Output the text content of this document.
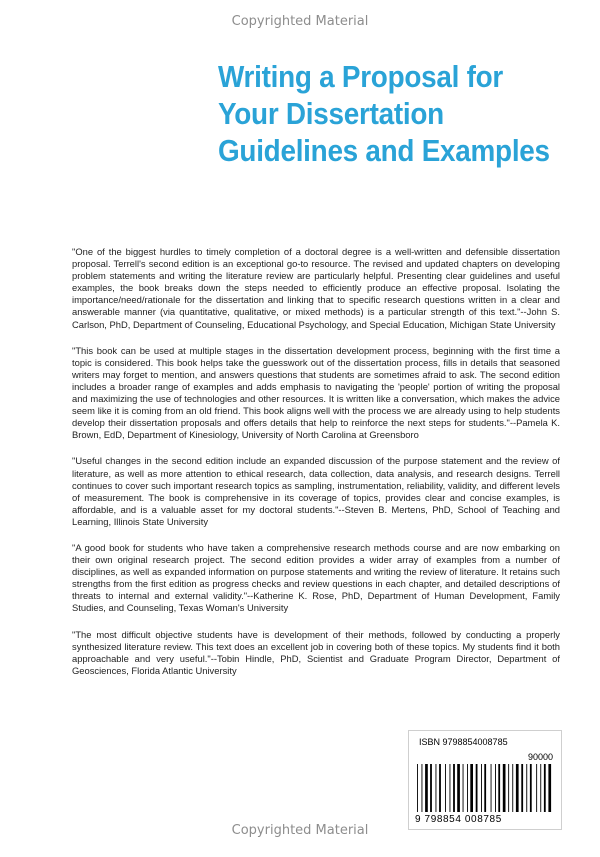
Copyrighted Material
Writing a Proposal for
Your Dissertation
Guidelines and Examples

"One of the biggest hurdles to timely completion of a doctoral degree is a well-written and defensible dissertation proposal. Terrell's second edition is an exceptional go-to resource. The revised and updated chapters on developing problem statements and writing the literature review are particularly helpful. Presenting clear guidelines and useful examples, the book breaks down the steps needed to efficiently produce an effective proposal. Isolating the importance/need/rationale for the dissertation and linking that to specific research questions written in a clear and answerable manner (via quantitative, qualitative, or mixed methods) is a particular strength of this text."--John S. Carlson, PhD, Department of Counseling, Educational Psychology, and Special Education, Michigan State University

"This book can be used at multiple stages in the dissertation development process, beginning with the first time a topic is considered. This book helps take the guesswork out of the dissertation process, fills in details that seasoned writers may forget to mention, and answers questions that students are sometimes afraid to ask. The second edition includes a broader range of examples and adds emphasis to navigating the 'people' portion of writing the proposal and maximizing the use of technologies and other resources. It is written like a conversation, which makes the advice seem like it is coming from an old friend. This book aligns well with the process we are already using to help students develop their dissertation proposals and offers details that help to reinforce the next steps for students."--Pamela K. Brown, EdD, Department of Kinesiology, University of North Carolina at Greensboro

"Useful changes in the second edition include an expanded discussion of the purpose statement and the review of literature, as well as more attention to ethical research, data collection, data analysis, and research designs. Terrell continues to cover such important research topics as sampling, instrumentation, reliability, validity, and different levels of measurement. The book is comprehensive in its coverage of topics, provides clear and concise examples, is affordable, and is a valuable asset for my doctoral students."--Steven B. Mertens, PhD, School of Teaching and Learning, Illinois State University

"A good book for students who have taken a comprehensive research methods course and are now embarking on their own original research project. The second edition provides a wider array of examples from a number of disciplines, as well as expanded information on purpose statements and writing the review of literature. It retains such strengths from the first edition as progress checks and review questions in each chapter, and detailed descriptions of threats to internal and external validity."--Katherine K. Rose, PhD, Department of Human Development, Family Studies, and Counseling, Texas Woman's University

"The most difficult objective students have is development of their methods, followed by conducting a properly synthesized literature review. This text does an excellent job in covering both of these topics. My students find it both approachable and very useful."--Tobin Hindle, PhD, Scientist and Graduate Program Director, Department of Geosciences, Florida Atlantic University

ISBN 9798854008785
90000
9 798854 008785
Copyrighted Material
